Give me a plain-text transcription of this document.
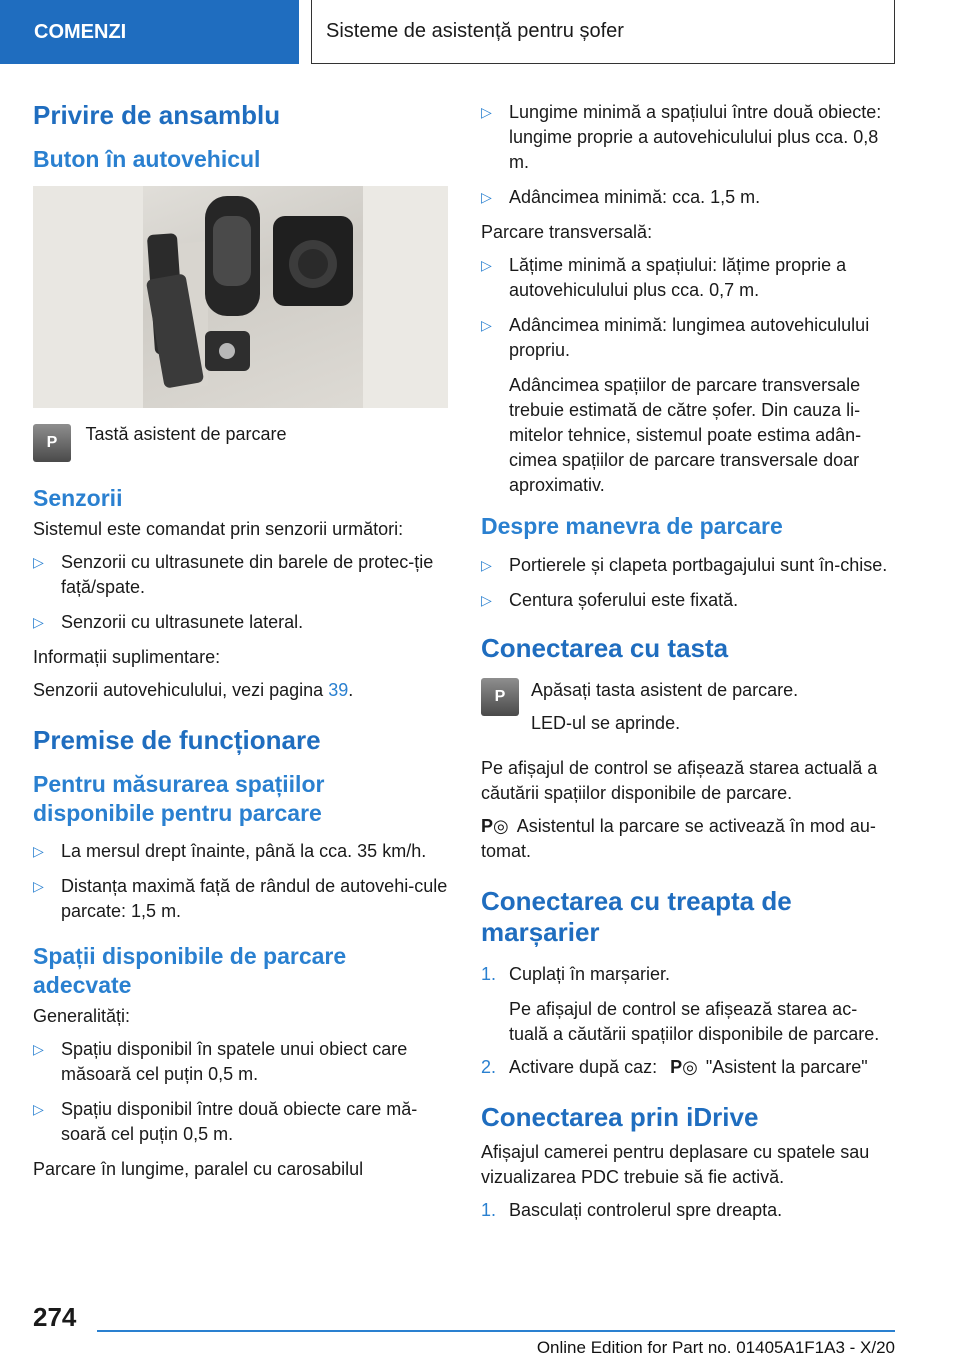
COMENZI	Sisteme de asistență pentru șofer
Privire de ansamblu
Buton în autovehicul
P Tastă asistent de parcare
Senzorii

Sistemul este comandat prin senzorii următori:

▷ Senzorii cu ultrasunete din barele de protec-ție față/spate.
▷ Senzorii cu ultrasunete lateral.

Informații suplimentare:

Senzorii autovehiculului, vezi pagina 39.

Premise de funcționare
Pentru măsurarea spațiilor disponibile pentru parcare
▷ La mersul drept înainte, până la cca. 35 km/h.
▷ Distanța maximă față de rândul de autovehi-cule parcate: 1,5 m.
Spații disponibile de parcare adecvate

Generalități:

▷ Spațiu disponibil în spatele unui obiect care măsoară cel puțin 0,5 m.
▷ Spațiu disponibil între două obiecte care mă-soară cel puțin 0,5 m.

Parcare în lungime, paralel cu carosabilul

▷ Lungime minimă a spațiului între două obiecte: lungime proprie a autovehiculului plus cca. 0,8 m.
▷ Adâncimea minimă: cca. 1,5 m.

Parcare transversală:

▷ Lățime minimă a spațiului: lățime proprie a autovehiculului plus cca. 0,7 m.
▷ Adâncimea minimă: lungimea autovehiculului propriu.

Adâncimea spațiilor de parcare transversale trebuie estimată de către șofer. Din cauza li-mitelor tehnice, sistemul poate estima adân-cimea spațiilor de parcare transversale doar aproximativ.

Despre manevra de parcare
▷ Portierele și clapeta portbagajului sunt în-chise.
▷ Centura șoferului este fixată.
Conectarea cu tasta
P	Apăsați tasta asistent de parcare.

LED-ul se aprinde.

Pe afișajul de control se afișează starea actuală a căutării spațiilor disponibile de parcare.

P◎ Asistentul la parcare se activează în mod au-tomat.

Conectarea cu treapta de marșarier
1. Cuplați în marșarier.

Pe afișajul de control se afișează starea ac-tuală a căutării spațiilor disponibile de parcare.

2. Activare după caz: P◎ "Asistent la parcare"
Conectarea prin iDrive

Afișajul camerei pentru deplasare cu spatele sau vizualizarea PDC trebuie să fie activă.

1. Basculați controlerul spre dreapta.
274
Online Edition for Part no. 01405A1F1A3 - X/20
